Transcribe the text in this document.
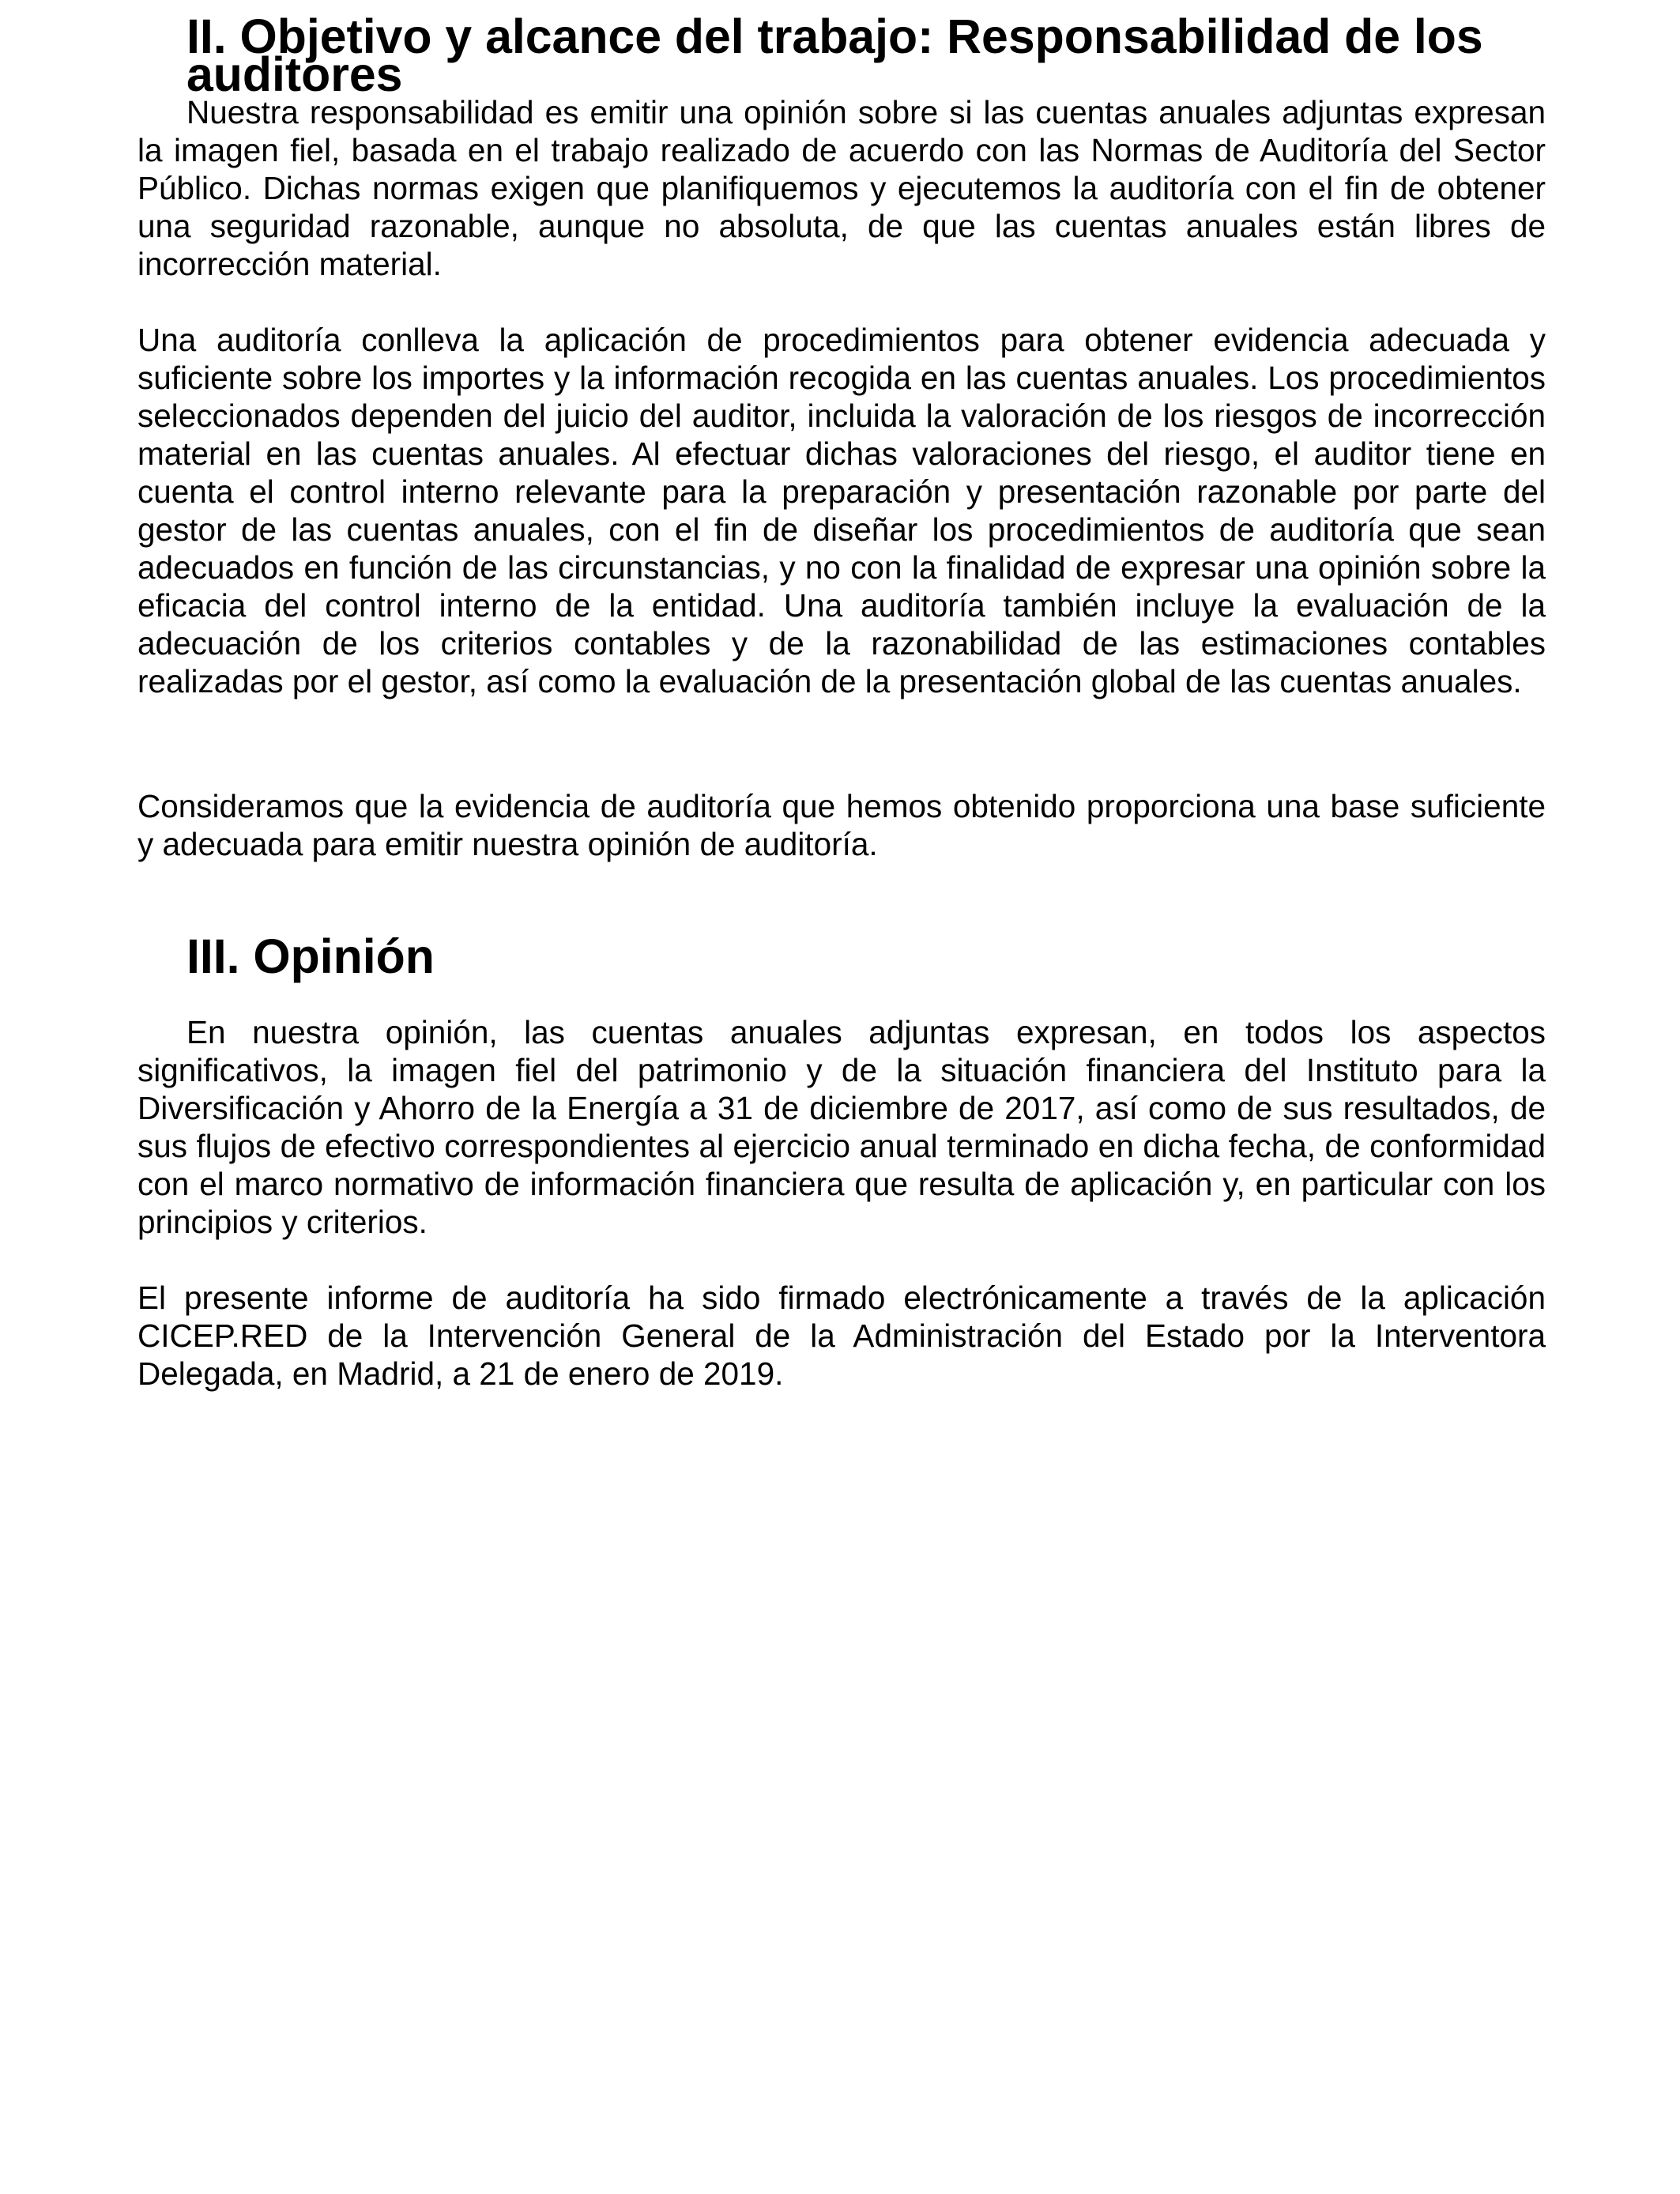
II. Objetivo y alcance del trabajo: Responsabilidad de los auditores

Nuestra responsabilidad es emitir una opinión sobre si las cuentas anuales adjuntas expresan la imagen fiel, basada en el trabajo realizado de acuerdo con las Normas de Auditoría del Sector Público. Dichas normas exigen que planifiquemos y ejecutemos la auditoría con el fin de obtener una seguridad razonable, aunque no absoluta, de que las cuentas anuales están libres de incorrección material.

Una auditoría conlleva la aplicación de procedimientos para obtener evidencia adecuada y suficiente sobre los importes y la información recogida en las cuentas anuales. Los procedimientos seleccionados dependen del juicio del auditor, incluida la valoración de los riesgos de incorrección material en las cuentas anuales. Al efectuar dichas valoraciones del riesgo, el auditor tiene en cuenta el control interno relevante para la preparación y presentación razonable por parte del gestor de las cuentas anuales, con el fin de diseñar los procedimientos de auditoría que sean adecuados en función de las circunstancias, y no con la finalidad de expresar una opinión sobre la eficacia del control interno de la entidad. Una auditoría también incluye la evaluación de la adecuación de los criterios contables y de la razonabilidad de las estimaciones contables realizadas por el gestor, así como la evaluación de la presentación global de las cuentas anuales.

Consideramos que la evidencia de auditoría que hemos obtenido proporciona una base suficiente y adecuada para emitir nuestra opinión de auditoría.

III. Opinión

En nuestra opinión, las cuentas anuales adjuntas expresan, en todos los aspectos significativos, la imagen fiel del patrimonio y de la situación financiera del Instituto para la Diversificación y Ahorro de la Energía a 31 de diciembre de 2017, así como de sus resultados, de sus flujos de efectivo correspondientes al ejercicio anual terminado en dicha fecha, de conformidad con el marco normativo de información financiera que resulta de aplicación y, en particular con los principios y criterios.

El presente informe de auditoría ha sido firmado electrónicamente a través de la aplicación CICEP.RED de la Intervención General de la Administración del Estado por la Interventora Delegada, en Madrid, a 21 de enero de 2019.
